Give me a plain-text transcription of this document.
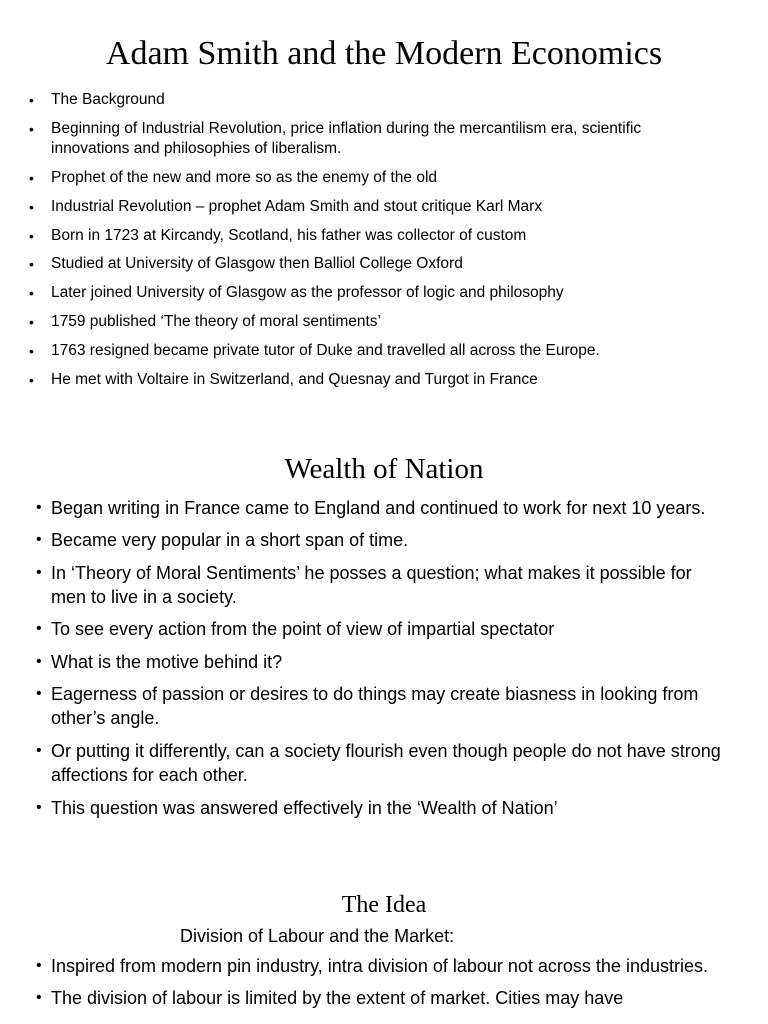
Adam Smith and the Modern Economics
• The Background
• Beginning of Industrial Revolution, price inflation during the mercantilism era, scientific innovations and philosophies of liberalism.
• Prophet of the new and more so as the enemy of the old
• Industrial Revolution – prophet Adam Smith and stout critique Karl Marx
• Born in 1723 at Kircandy, Scotland, his father was collector of custom
• Studied at University of Glasgow then Balliol College Oxford
• Later joined University of Glasgow as the professor of logic and philosophy
• 1759 published ‘The theory of moral sentiments’
• 1763 resigned became private tutor of Duke and travelled all across the Europe.
• He met with Voltaire in Switzerland, and Quesnay and Turgot in France
Wealth of Nation
• Began writing in France came to England and continued to work for next 10 years.
• Became very popular in a short span of time.
• In ‘Theory of Moral Sentiments’ he posses a question; what makes it possible for men to live in a society.
• To see every action from the point of view of impartial spectator
• What is the motive behind it?
• Eagerness of passion or desires to do things may create biasness in looking from other’s angle.
• Or putting it differently, can a society flourish even though people do not have strong affections for each other.
• This question was answered effectively in the ‘Wealth of Nation’
The Idea
Division of Labour and the Market:
• Inspired from modern pin industry, intra division of labour not across the industries.
• The division of labour is limited by the extent of market. Cities may have
